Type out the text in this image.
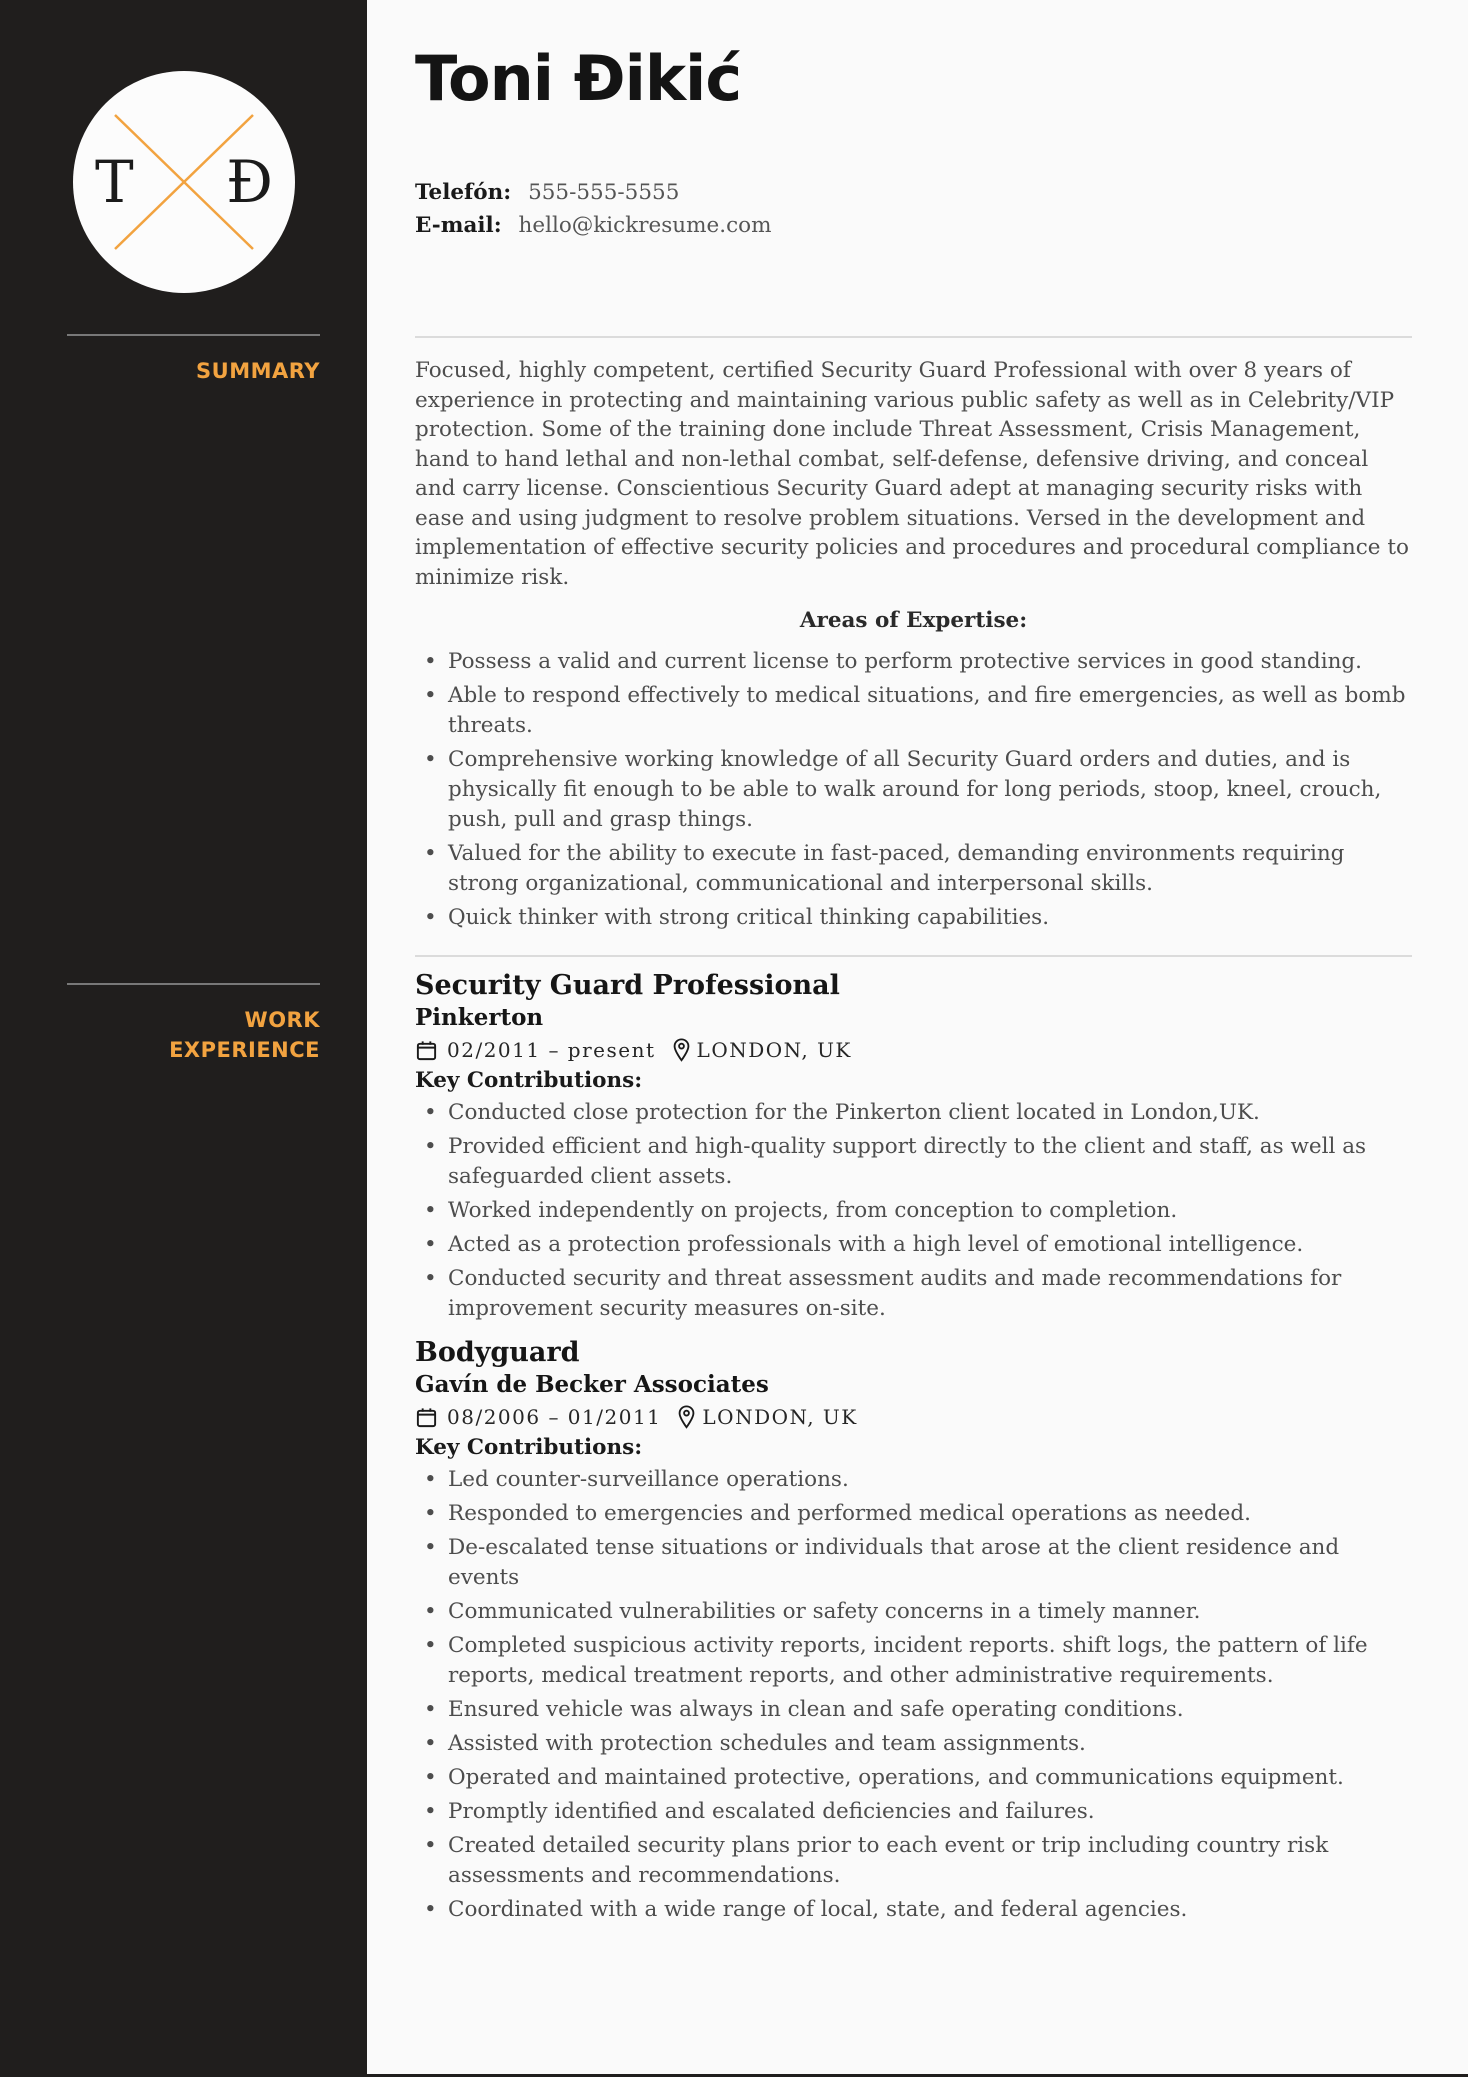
T Đ
SUMMARY
WORK EXPERIENCE
Toni Đikić
Telefón: 555-555-5555
E-mail: hello@kickresume.com

Focused, highly competent, certified Security Guard Professional with over 8 years of experience in protecting and maintaining various public safety as well as in Celebrity/VIP protection. Some of the training done include Threat Assessment, Crisis Management, hand to hand lethal and non-lethal combat, self-defense, defensive driving, and conceal and carry license. Conscientious Security Guard adept at managing security risks with ease and using judgment to resolve problem situations. Versed in the development and implementation of effective security policies and procedures and procedural compliance to minimize risk.

Areas of Expertise:

• Possess a valid and current license to perform protective services in good standing.
• Able to respond effectively to medical situations, and fire emergencies, as well as bomb threats.
• Comprehensive working knowledge of all Security Guard orders and duties, and is physically fit enough to be able to walk around for long periods, stoop, kneel, crouch, push, pull and grasp things.
• Valued for the ability to execute in fast-paced, demanding environments requiring strong organizational, communicational and interpersonal skills.
• Quick thinker with strong critical thinking capabilities.
Security Guard Professional
Pinkerton
02/2011 – present LONDON, UK
Key Contributions:
• Conducted close protection for the Pinkerton client located in London,UK.
• Provided efficient and high-quality support directly to the client and staff, as well as safeguarded client assets.
• Worked independently on projects, from conception to completion.
• Acted as a protection professionals with a high level of emotional intelligence.
• Conducted security and threat assessment audits and made recommendations for improvement security measures on-site.
Bodyguard
Gavín de Becker Associates
08/2006 – 01/2011 LONDON, UK
Key Contributions:
• Led counter-surveillance operations.
• Responded to emergencies and performed medical operations as needed.
• De-escalated tense situations or individuals that arose at the client residence and events
• Communicated vulnerabilities or safety concerns in a timely manner.
• Completed suspicious activity reports, incident reports. shift logs, the pattern of life reports, medical treatment reports, and other administrative requirements.
• Ensured vehicle was always in clean and safe operating conditions.
• Assisted with protection schedules and team assignments.
• Operated and maintained protective, operations, and communications equipment.
• Promptly identified and escalated deficiencies and failures.
• Created detailed security plans prior to each event or trip including country risk assessments and recommendations.
• Coordinated with a wide range of local, state, and federal agencies.
